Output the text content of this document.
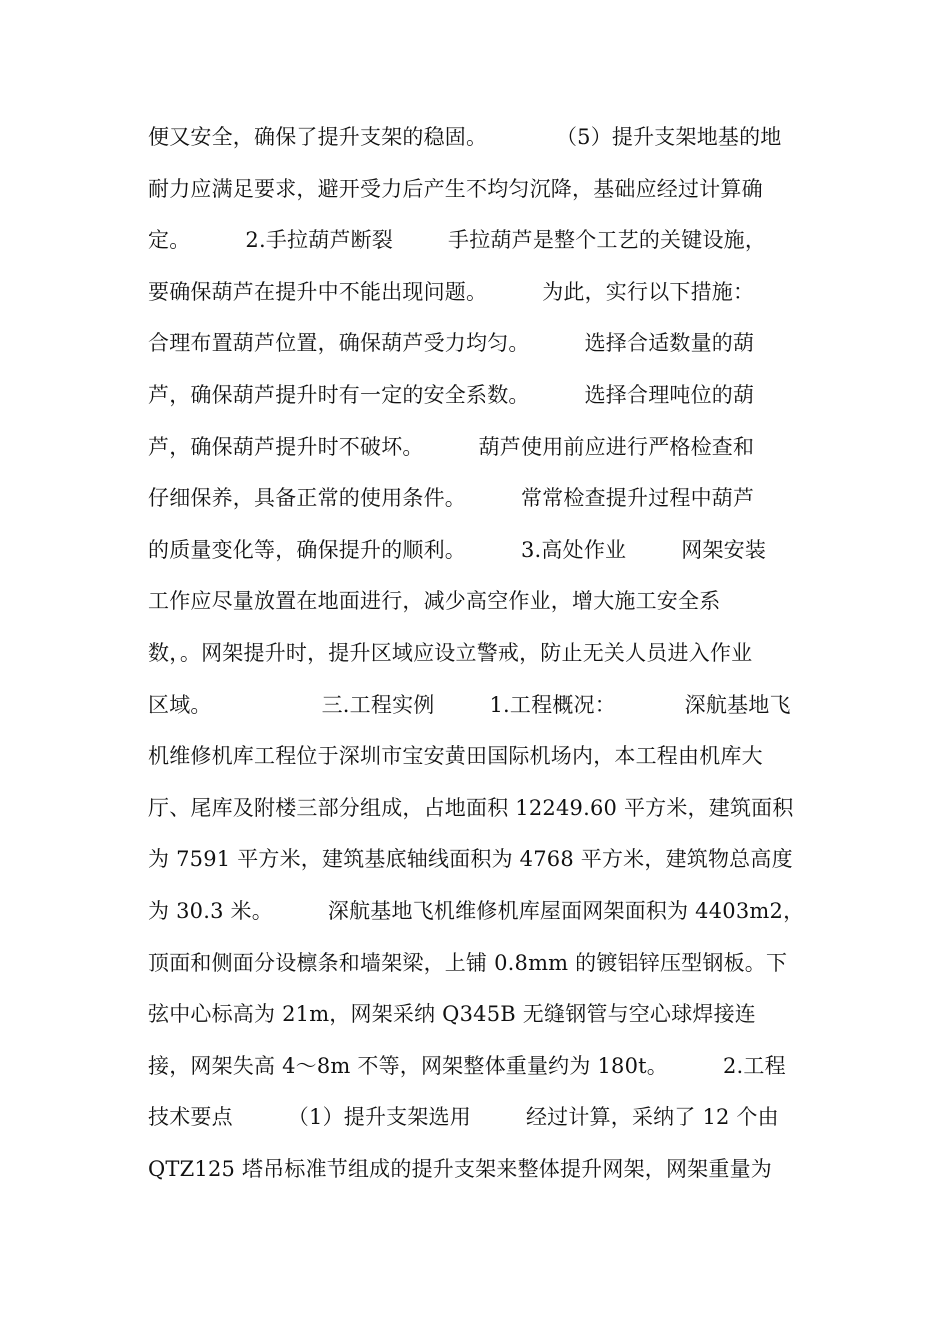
便又安全，确保了提升支架的稳固。          （5）提升支架地基的地
耐力应满足要求，避开受力后产生不均匀沉降，基础应经过计算确
定。        2.手拉葫芦断裂        手拉葫芦是整个工艺的关键设施，
要确保葫芦在提升中不能出现问题。        为此，实行以下措施：
合理布置葫芦位置，确保葫芦受力均匀。        选择合适数量的葫
芦，确保葫芦提升时有一定的安全系数。        选择合理吨位的葫
芦，确保葫芦提升时不破坏。        葫芦使用前应进行严格检查和
仔细保养，具备正常的使用条件。        常常检查提升过程中葫芦
的质量变化等，确保提升的顺利。        3.高处作业        网架安装
工作应尽量放置在地面进行，减少高空作业，增大施工安全系
数，。网架提升时，提升区域应设立警戒，防止无关人员进入作业
区域。                三.工程实例        1.工程概况：          深航基地飞
机维修机库工程位于深圳市宝安黄田国际机场内，本工程由机库大
厅、尾库及附楼三部分组成，占地面积 12249.60 平方米，建筑面积
为 7591 平方米，建筑基底轴线面积为 4768 平方米，建筑物总高度
为 30.3 米。        深航基地飞机维修机库屋面网架面积为 4403m2，
顶面和侧面分设檩条和墙架梁，上铺 0.8mm 的镀铝锌压型钢板。下
弦中心标高为 21m，网架采纳 Q345B 无缝钢管与空心球焊接连
接，网架失高 4～8m 不等，网架整体重量约为 180t。        2.工程
技术要点        （1）提升支架选用        经过计算，采纳了 12 个由
QTZ125 塔吊标准节组成的提升支架来整体提升网架，网架重量为
